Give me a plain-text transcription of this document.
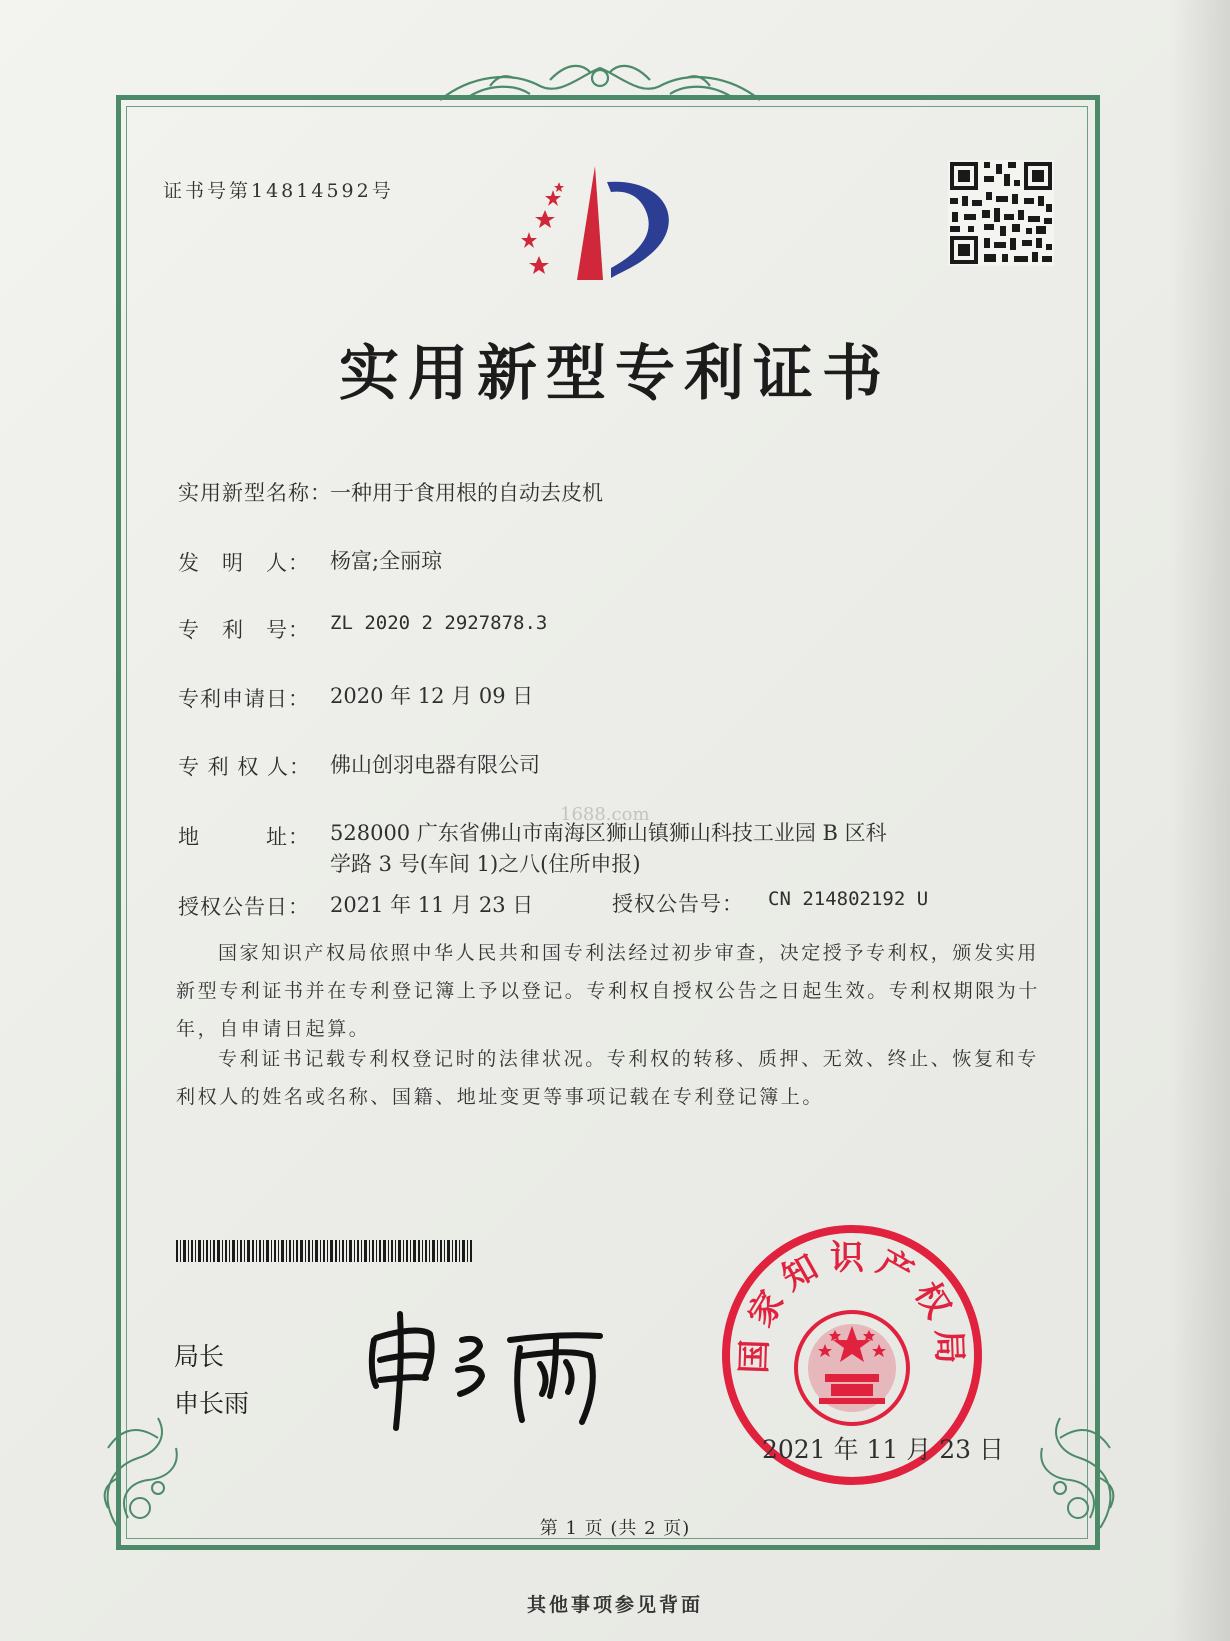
证书号第14814592号
实用新型专利证书
实用新型名称：
一种用于食用根的自动去皮机
发　明　人： 杨富;全丽琼
专　利　号： ZL 2020 2 2927878.3
专利申请日： 2020 年 12 月 09 日
专 利 权 人： 佛山创羽电器有限公司
1688.com
地　　　址： 528000 广东省佛山市南海区狮山镇狮山科技工业园 B 区科
学路 3 号(车间 1)之八(住所申报)
授权公告日： 2021 年 11 月 23 日	授权公告号： CN 214802192 U
国家知识产权局依照中华人民共和国专利法经过初步审查，决定授予专利权，颁发实用新型专利证书并在专利登记簿上予以登记。专利权自授权公告之日起生效。专利权期限为十年，自申请日起算。
专利证书记载专利权登记时的法律状况。专利权的转移、质押、无效、终止、恢复和专利权人的姓名或名称、国籍、地址变更等事项记载在专利登记簿上。
局长
申长雨
国家知识产权局
2021 年 11 月 23 日
第 1 页 (共 2 页)
其他事项参见背面
